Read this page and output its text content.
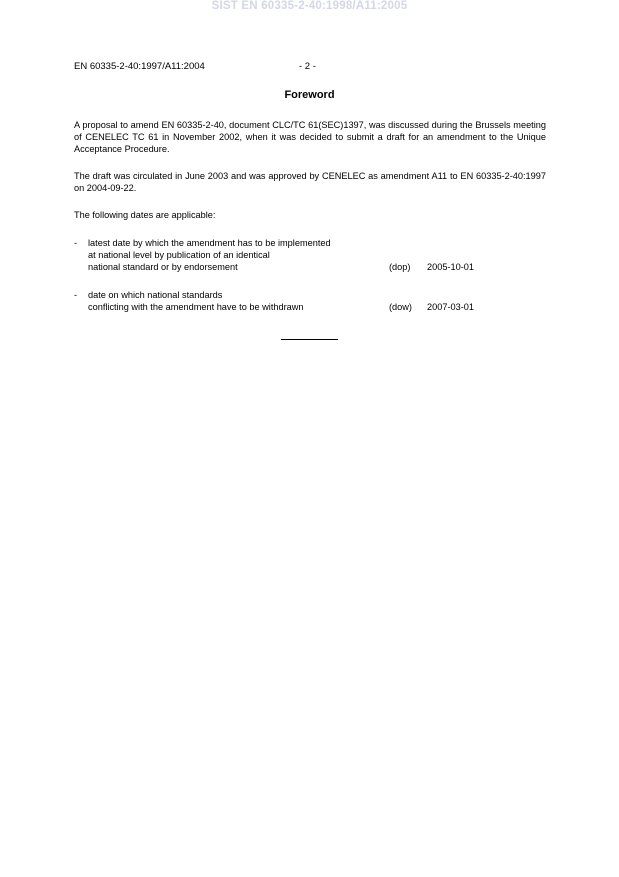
SIST EN 60335-2-40:1998/A11:2005
EN 60335-2-40:1997/A11:2004	- 2 -
Foreword
A proposal to amend EN 60335-2-40, document CLC/TC 61(SEC)1397, was discussed during the Brussels meeting of CENELEC TC 61 in November 2002, when it was decided to submit a draft for an amendment to the Unique Acceptance Procedure.
The draft was circulated in June 2003 and was approved by CENELEC as amendment A11 to EN 60335-2-40:1997 on 2004-09-22.
The following dates are applicable:
- latest date by which the amendment has to be implemented
at national level by publication of an identical
national standard or by endorsement	(dop) 2005-10-01
- date on which national standards
conflicting with the amendment have to be withdrawn	(dow) 2007-03-01
